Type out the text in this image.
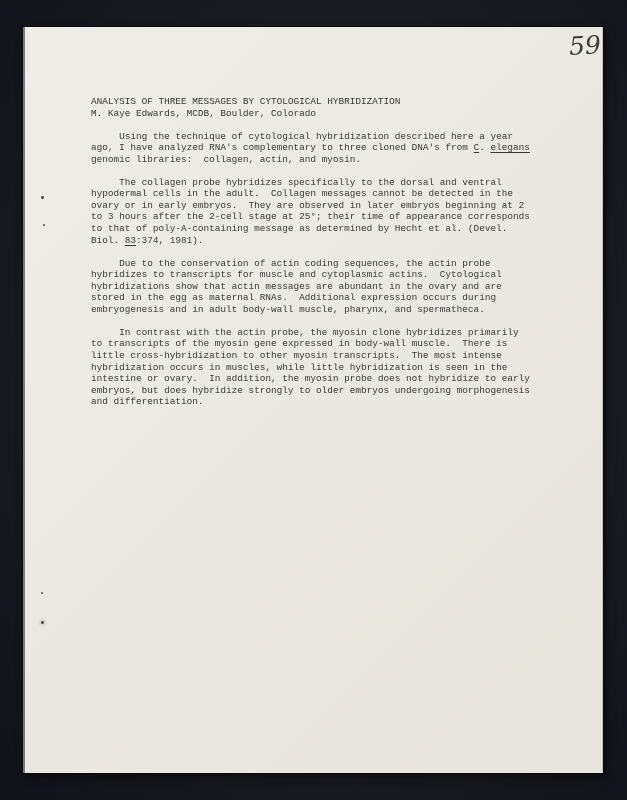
59
ANALYSIS OF THREE MESSAGES BY CYTOLOGICAL HYBRIDIZATION
M. Kaye Edwards, MCDB, Boulder, Colorado
Using the technique of cytological hybridization described here a year
ago, I have analyzed RNA's complementary to three cloned DNA's from C. elegans
genomic libraries:  collagen, actin, and myosin.
The collagen probe hybridizes specifically to the dorsal and ventral
hypodermal cells in the adult.  Collagen messages cannot be detected in the
ovary or in early embryos.  They are observed in later embryos beginning at 2
to 3 hours after the 2-cell stage at 25°; their time of appearance corresponds
to that of poly-A-containing message as determined by Hecht et al. (Devel.
Biol. 83:374, 1981).
Due to the conservation of actin coding sequences, the actin probe
hybridizes to transcripts for muscle and cytoplasmic actins.  Cytological
hybridizations show that actin messages are abundant in the ovary and are
stored in the egg as maternal RNAs.  Additional expression occurs during
embryogenesis and in adult body-wall muscle, pharynx, and spermatheca.
In contrast with the actin probe, the myosin clone hybridizes primarily
to transcripts of the myosin gene expressed in body-wall muscle.  There is
little cross-hybridization to other myosin transcripts.  The most intense
hybridization occurs in muscles, while little hybridization is seen in the
intestine or ovary.  In addition, the myosin probe does not hybridize to early
embryos, but does hybridize strongly to older embryos undergoing morphogenesis
and differentiation.
